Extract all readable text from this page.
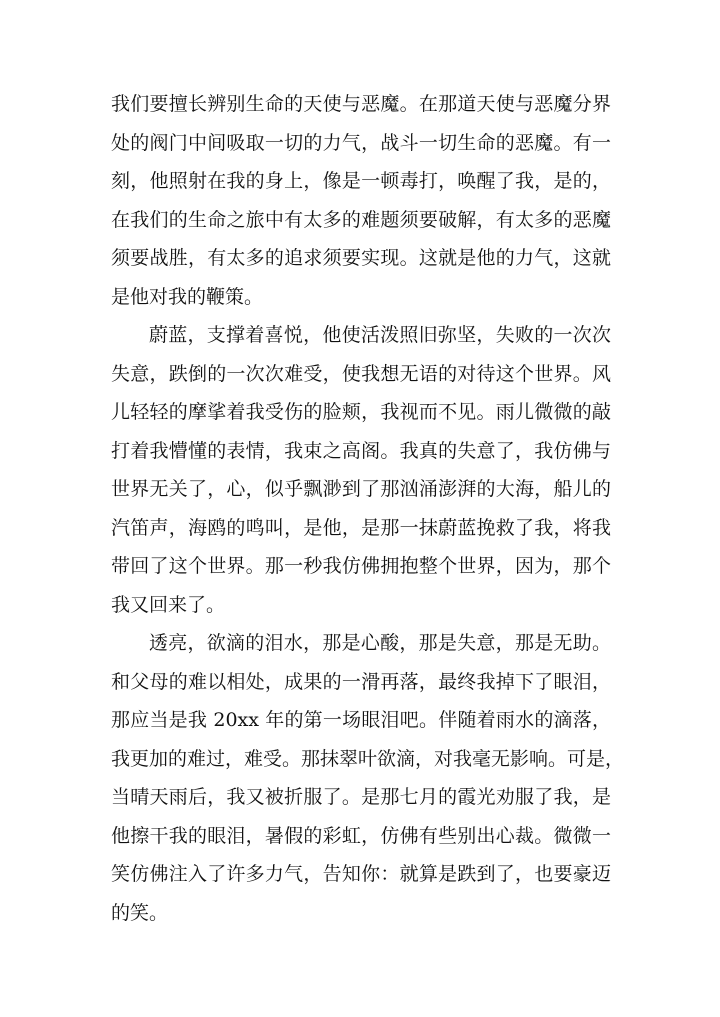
我们要擅长辨别生命的天使与恶魔。在那道天使与恶魔分界
处的阀门中间吸取一切的力气，战斗一切生命的恶魔。有一
刻，他照射在我的身上，像是一顿毒打，唤醒了我，是的，
在我们的生命之旅中有太多的难题须要破解，有太多的恶魔
须要战胜，有太多的追求须要实现。这就是他的力气，这就
是他对我的鞭策。
蔚蓝，支撑着喜悦，他使活泼照旧弥坚，失败的一次次
失意，跌倒的一次次难受，使我想无语的对待这个世界。风
儿轻轻的摩挲着我受伤的脸颊，我视而不见。雨儿微微的敲
打着我懵懂的表情，我束之高阁。我真的失意了，我仿佛与
世界无关了，心，似乎飘渺到了那汹涌澎湃的大海，船儿的
汽笛声，海鸥的鸣叫，是他，是那一抹蔚蓝挽救了我，将我
带回了这个世界。那一秒我仿佛拥抱整个世界，因为，那个
我又回来了。
透亮，欲滴的泪水，那是心酸，那是失意，那是无助。
和父母的难以相处，成果的一滑再落，最终我掉下了眼泪，
那应当是我 20xx 年的第一场眼泪吧。伴随着雨水的滴落，
我更加的难过，难受。那抹翠叶欲滴，对我毫无影响。可是，
当晴天雨后，我又被折服了。是那七月的霞光劝服了我，是
他擦干我的眼泪，暑假的彩虹，仿佛有些别出心裁。微微一
笑仿佛注入了许多力气，告知你：就算是跌到了，也要豪迈
的笑。
